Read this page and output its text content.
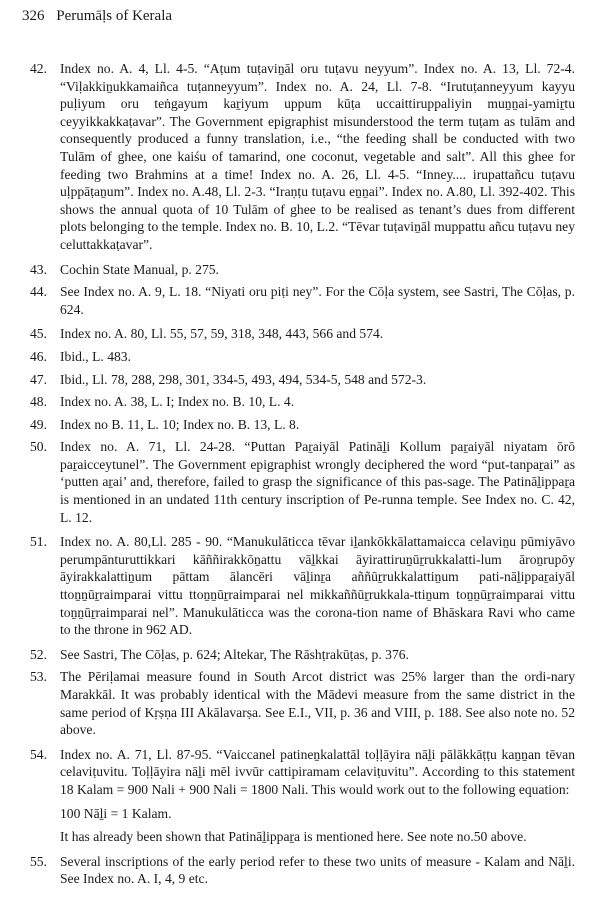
326 Perumāḷs of Kerala
42. Index no. A. 4, Ll. 4-5. “Aṭum tuṭaviṉāl oru tuṭavu neyyum”. Index no. A. 13, Ll. 72-4. “Viḷakkiṉukkamaiñca tuṭanneyyum”. Index no. A. 24, Ll. 7-8. “Irutuṭanneyyum kayyu puḷiyum oru teṅgayum kaṟiyum uppum kūṭa uccaittiruppaliyin muṉṉai-yamiṟtu ceyyikkakkaṭavar”. The Government epigraphist misunderstood the term tuṭam as tulām and consequently produced a funny translation, i.e., “the feeding shall be conducted with two Tulām of ghee, one kaiśu of tamarind, one coconut, vegetable and salt”. All this ghee for feeding two Brahmins at a time! Index no. A. 26, Ll. 4-5. “Inney.... irupattañcu tuṭavu uḷppāṭaṉum”. Index no. A.48, Ll. 2-3. “Iraṇṭu tuṭavu eṉṉai”. Index no. A.80, Ll. 392-402. This shows the annual quota of 10 Tulām of ghee to be realised as tenant’s dues from different plots belonging to the temple. Index no. B. 10, L.2. “Tēvar tuṭaviṉāl muppattu añcu tuṭavu ney celuttakkaṭavar”.

43. Cochin State Manual, p. 275.

44. See Index no. A. 9, L. 18. “Niyati oru piṭi ney”. For the Cōḷa system, see Sastri, The Cōḷas, p. 624.

45. Index no. A. 80, Ll. 55, 57, 59, 318, 348, 443, 566 and 574.

46. Ibid., L. 483.

47. Ibid., Ll. 78, 288, 298, 301, 334-5, 493, 494, 534-5, 548 and 572-3.

48. Index no. A. 38, L. I; Index no. B. 10, L. 4.

49. Index no B. 11, L. 10; Index no. B. 13, L. 8.

50. Index no. A. 71, Ll. 24-28. “Puttan Paṟaiyāl Patināḻi Kollum paṟaiyāl niyatam ōrō paṟaicceytunel”. The Government epigraphist wrongly deciphered the word “put-tanpaṟai” as ‘putten aṟai’ and, therefore, failed to grasp the significance of this pas-sage. The Patināḻippaṟa is mentioned in an undated 11th century inscription of Pe-runna temple. See Index no. C. 42, L. 12.

51. Index no. A. 80,Ll. 285 - 90. “Manukulāticca tēvar iḻankōkkālattamaicca celaviṉu pūmiyāvo perumpānturuttikkari kāññirakkōṉattu vāḻkkai āyirattiruṉūṟrukkalatti-lum āroṉrupōy āyirakkalattiṉum pāttam ālancēri vāḻinṟa aññūṟrukkalattiṉum pati-nāḻippaṟaiyāl ttoṉṉūṟraimparai vittu ttoṉṉūṟraimparai nel mikkaññūṟrukkala-ttiṉum toṉṉūṟraimparai vittu toṉṉūṟraimparai nel”. Manukulāticca was the corona-tion name of Bhāskara Ravi who came to the throne in 962 AD.

52. See Sastri, The Cōḷas, p. 624; Altekar, The Rāshṭrakūṭas, p. 376.

53. The Pēriḷamai measure found in South Arcot district was 25% larger than the ordi-nary Marakkāl. It was probably identical with the Mādevi measure from the same district in the same period of Kṛṣṇa III Akālavarṣa. See E.I., VII, p. 36 and VIII, p. 188. See also note no. 52 above.

54. Index no. A. 71, Ll. 87-95. “Vaiccanel patineṉkalattāl toḷḷāyira nāḻi pālākkāṭṭu kaṉṉan tēvan celaviṭuvitu. Toḷḷāyira nāḻi mēl ivvūr cattipiramam celaviṭuvitu”. According to this statement 18 Kalam = 900 Nali + 900 Nali = 1800 Nali. This would work out to the following equation:

100 Nāḻi = 1 Kalam.

It has already been shown that Patināḻippaṟa is mentioned here. See note no.50 above.

55. Several inscriptions of the early period refer to these two units of measure - Kalam and Nāḻi. See Index no. A. I, 4, 9 etc.
